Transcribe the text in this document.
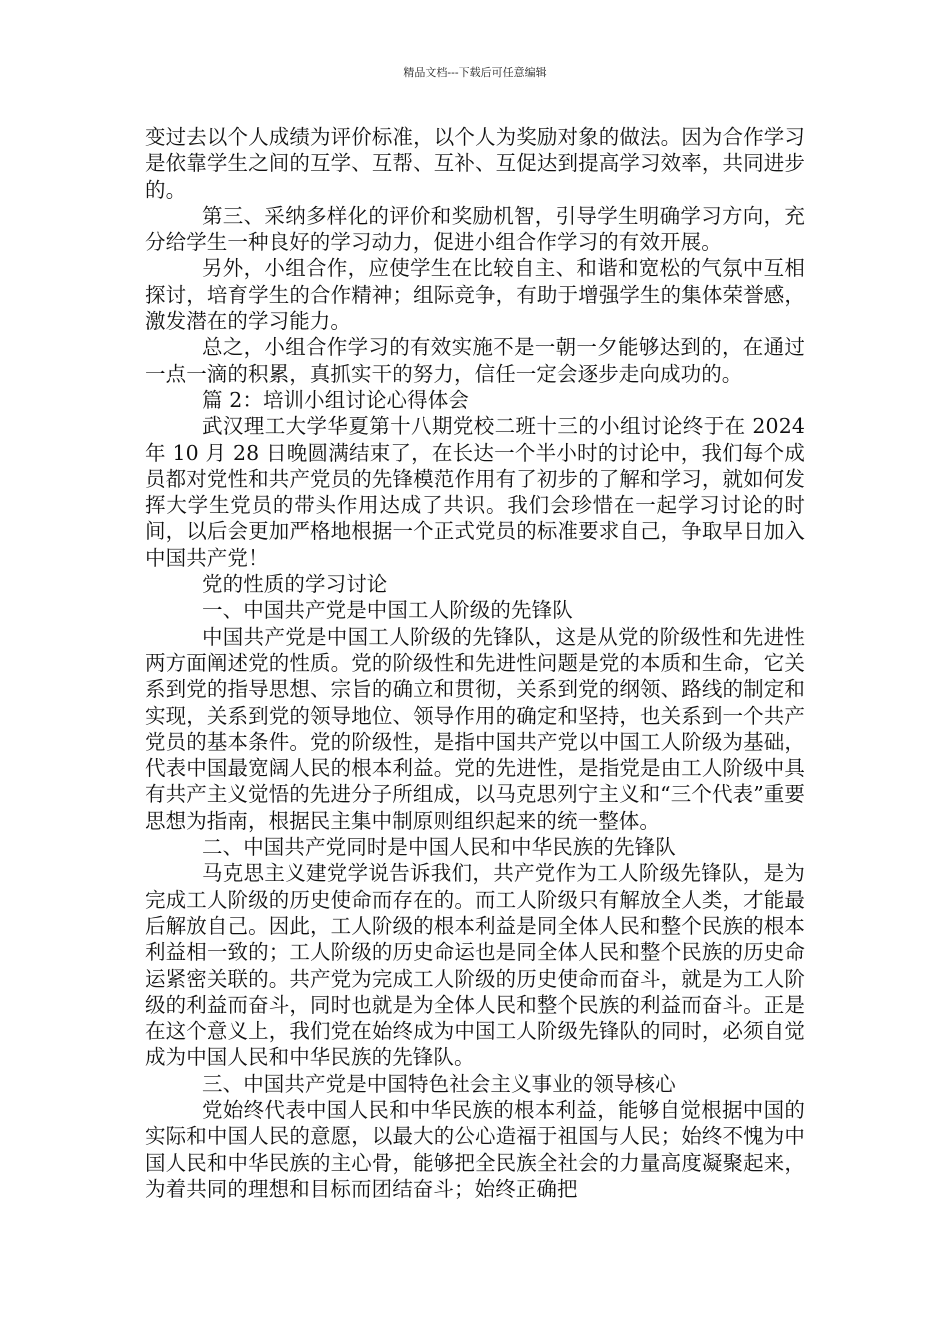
精品文档---下载后可任意编辑

变过去以个人成绩为评价标准，以个人为奖励对象的做法。因为合作学习是依靠学生之间的互学、互帮、互补、互促达到提高学习效率，共同进步的。

第三、采纳多样化的评价和奖励机智，引导学生明确学习方向，充分给学生一种良好的学习动力，促进小组合作学习的有效开展。

另外，小组合作，应使学生在比较自主、和谐和宽松的气氛中互相探讨，培育学生的合作精神；组际竞争，有助于增强学生的集体荣誉感，激发潜在的学习能力。

总之，小组合作学习的有效实施不是一朝一夕能够达到的，在通过一点一滴的积累，真抓实干的努力，信任一定会逐步走向成功的。

篇 2：培训小组讨论心得体会

武汉理工大学华夏第十八期党校二班十三的小组讨论终于在 2024 年 10 月 28 日晚圆满结束了，在长达一个半小时的讨论中，我们每个成员都对党性和共产党员的先锋模范作用有了初步的了解和学习，就如何发挥大学生党员的带头作用达成了共识。我们会珍惜在一起学习讨论的时间，以后会更加严格地根据一个正式党员的标准要求自己，争取早日加入中国共产党！

党的性质的学习讨论

一、中国共产党是中国工人阶级的先锋队

中国共产党是中国工人阶级的先锋队，这是从党的阶级性和先进性两方面阐述党的性质。党的阶级性和先进性问题是党的本质和生命，它关系到党的指导思想、宗旨的确立和贯彻，关系到党的纲领、路线的制定和实现，关系到党的领导地位、领导作用的确定和坚持，也关系到一个共产党员的基本条件。党的阶级性，是指中国共产党以中国工人阶级为基础，代表中国最宽阔人民的根本利益。党的先进性，是指党是由工人阶级中具有共产主义觉悟的先进分子所组成，以马克思列宁主义和“三个代表”重要思想为指南，根据民主集中制原则组织起来的统一整体。

二、中国共产党同时是中国人民和中华民族的先锋队

马克思主义建党学说告诉我们，共产党作为工人阶级先锋队，是为完成工人阶级的历史使命而存在的。而工人阶级只有解放全人类，才能最后解放自己。因此，工人阶级的根本利益是同全体人民和整个民族的根本利益相一致的；工人阶级的历史命运也是同全体人民和整个民族的历史命运紧密关联的。共产党为完成工人阶级的历史使命而奋斗，就是为工人阶级的利益而奋斗，同时也就是为全体人民和整个民族的利益而奋斗。正是在这个意义上，我们党在始终成为中国工人阶级先锋队的同时，必须自觉成为中国人民和中华民族的先锋队。

三、中国共产党是中国特色社会主义事业的领导核心

党始终代表中国人民和中华民族的根本利益，能够自觉根据中国的实际和中国人民的意愿，以最大的公心造福于祖国与人民；始终不愧为中国人民和中华民族的主心骨，能够把全民族全社会的力量高度凝聚起来，为着共同的理想和目标而团结奋斗；始终正确把
